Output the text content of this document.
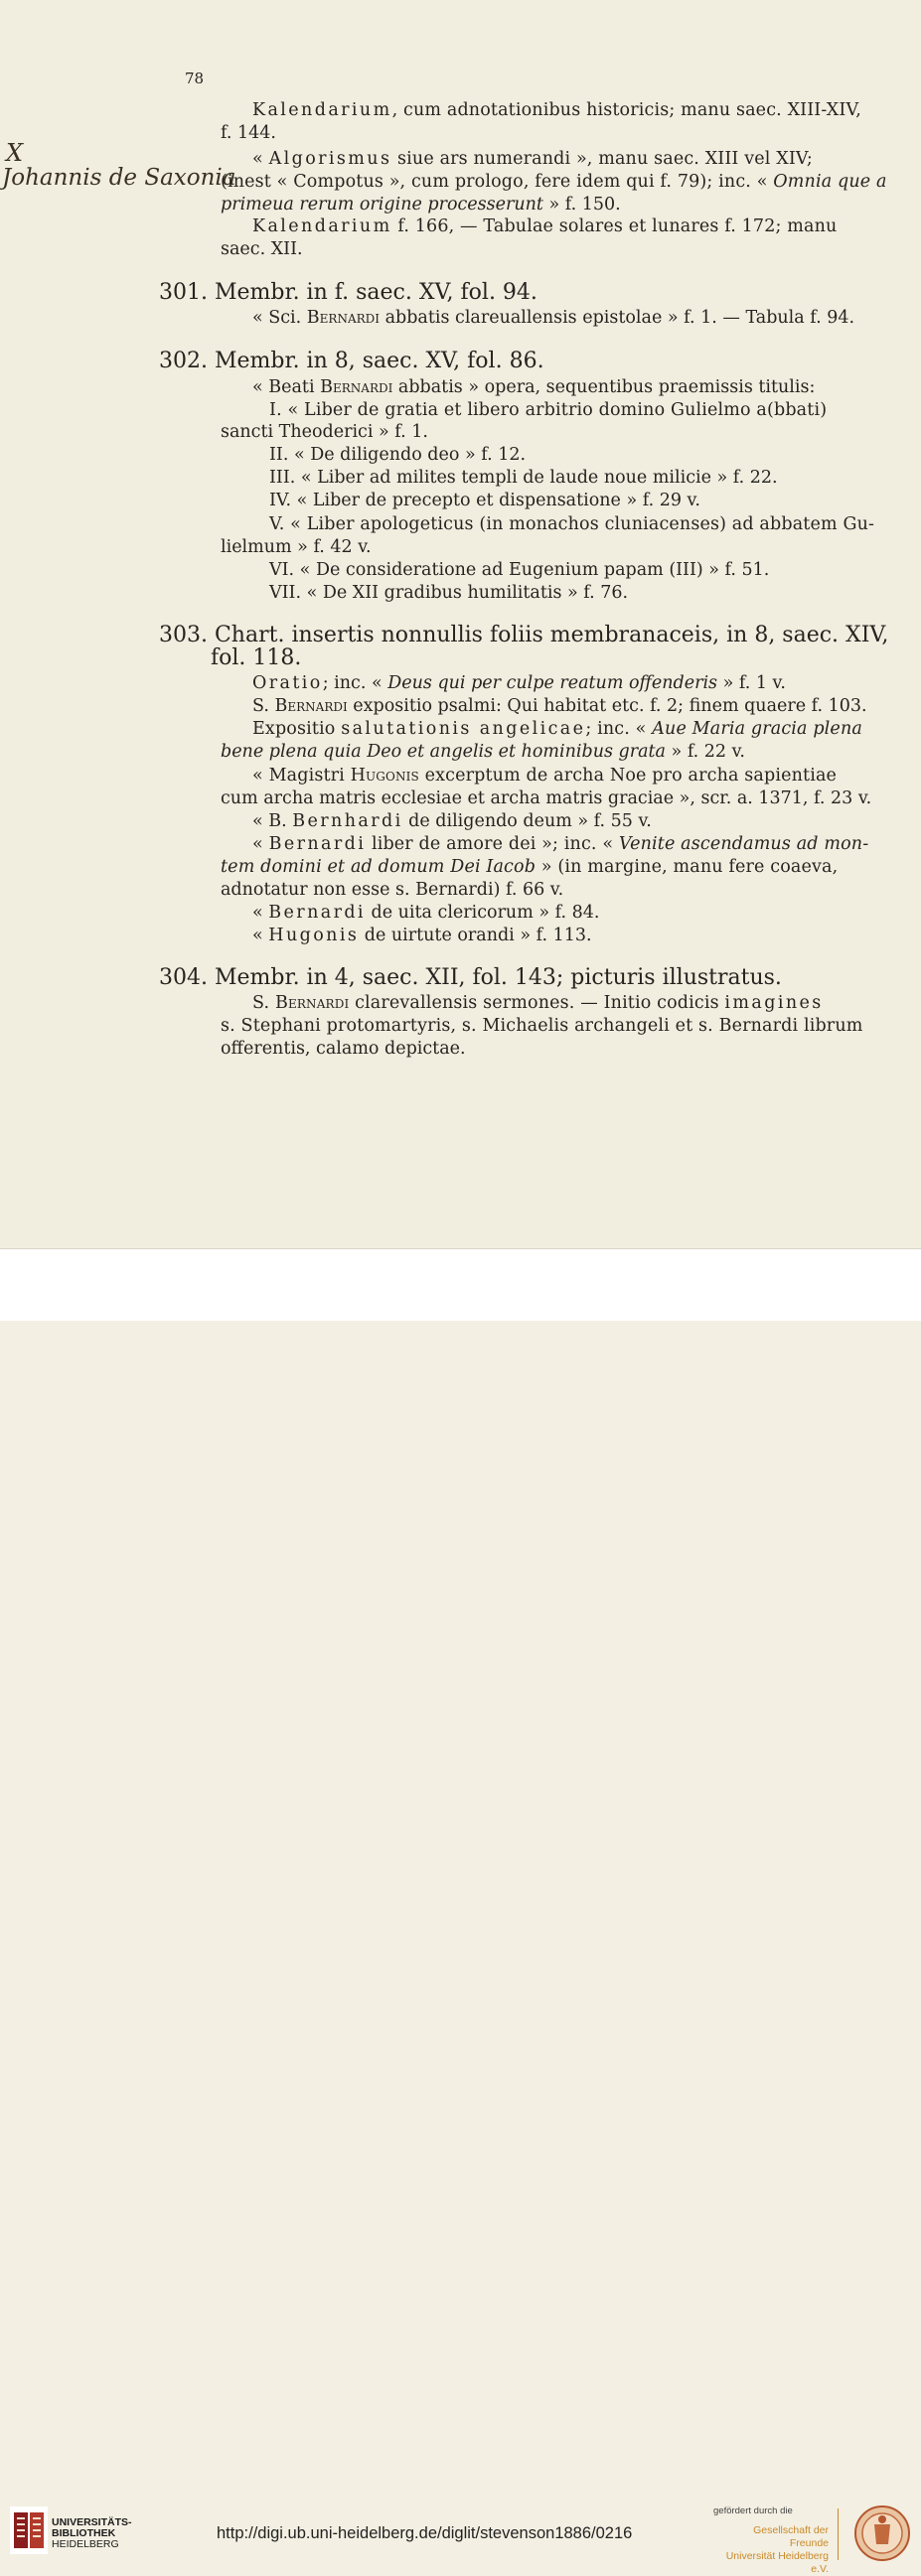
78
X
Johannis de Saxonia
Kalendarium, cum adnotationibus historicis; manu saec. XIII-XIV,
f. 144.
« Algorismus siue ars numerandi », manu saec. XIII vel XIV;
(inest « Compotus », cum prologo, fere idem qui f. 79); inc. « Omnia que a
primeua rerum origine processerunt » f. 150.
Kalendarium f. 166, — Tabulae solares et lunares f. 172; manu
saec. XII.
301. Membr. in f. saec. XV, fol. 94.
« Sci. Bernardi abbatis clareuallensis epistolae » f. 1. — Tabula f. 94.
302. Membr. in 8, saec. XV, fol. 86.
« Beati Bernardi abbatis » opera, sequentibus praemissis titulis:
I. « Liber de gratia et libero arbitrio domino Gulielmo a(bbati)
sancti Theoderici » f. 1.
II. « De diligendo deo » f. 12.
III. « Liber ad milites templi de laude noue milicie » f. 22.
IV. « Liber de precepto et dispensatione » f. 29 v.
V. « Liber apologeticus (in monachos cluniacenses) ad abbatem Gu-
lielmum » f. 42 v.
VI. « De consideratione ad Eugenium papam (III) » f. 51.
VII. « De XII gradibus humilitatis » f. 76.
303. Chart. insertis nonnullis foliis membranaceis, in 8, saec. XIV,
fol. 118.
Oratio; inc. « Deus qui per culpe reatum offenderis » f. 1 v.
S. Bernardi expositio psalmi: Qui habitat etc. f. 2; finem quaere f. 103.
Expositio salutationis angelicae; inc. « Aue Maria gracia plena
bene plena quia Deo et angelis et hominibus grata » f. 22 v.
« Magistri Hugonis excerptum de archa Noe pro archa sapientiae
cum archa matris ecclesiae et archa matris graciae », scr. a. 1371, f. 23 v.
« B. Bernhardi de diligendo deum » f. 55 v.
« Bernardi liber de amore dei »; inc. « Venite ascendamus ad mon-
tem domini et ad domum Dei Iacob » (in margine, manu fere coaeva,
adnotatur non esse s. Bernardi) f. 66 v.
« Bernardi de uita clericorum » f. 84.
« Hugonis de uirtute orandi » f. 113.
304. Membr. in 4, saec. XII, fol. 143; picturis illustratus.
S. Bernardi clarevallensis sermones. — Initio codicis imagines
s. Stephani protomartyris, s. Michaelis archangeli et s. Bernardi librum
offerentis, calamo depictae.
UNIVERSITÄTS-
BIBLIOTHEK
HEIDELBERG
http://digi.ub.uni-heidelberg.de/diglit/stevenson1886/0216
gefördert durch die
Gesellschaft der Freunde
Universität Heidelberg e.V.
